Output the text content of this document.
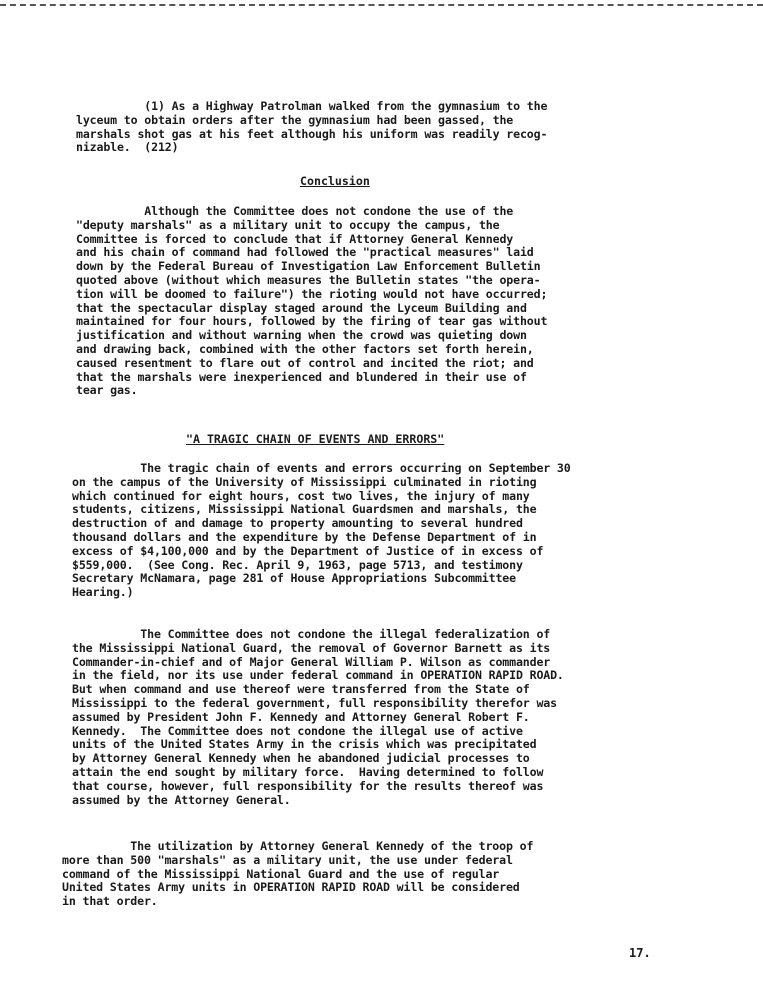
(1) As a Highway Patrolman walked from the gymnasium to the
lyceum to obtain orders after the gymnasium had been gassed, the
marshals shot gas at his feet although his uniform was readily recog-
nizable.  (212)

Conclusion

Although the Committee does not condone the use of the
"deputy marshals" as a military unit to occupy the campus, the
Committee is forced to conclude that if Attorney General Kennedy
and his chain of command had followed the "practical measures" laid
down by the Federal Bureau of Investigation Law Enforcement Bulletin
quoted above (without which measures the Bulletin states "the opera-
tion will be doomed to failure") the rioting would not have occurred;
that the spectacular display staged around the Lyceum Building and
maintained for four hours, followed by the firing of tear gas without
justification and without warning when the crowd was quieting down
and drawing back, combined with the other factors set forth herein,
caused resentment to flare out of control and incited the riot; and
that the marshals were inexperienced and blundered in their use of
tear gas.

"A TRAGIC CHAIN OF EVENTS AND ERRORS"

The tragic chain of events and errors occurring on September 30
on the campus of the University of Mississippi culminated in rioting
which continued for eight hours, cost two lives, the injury of many
students, citizens, Mississippi National Guardsmen and marshals, the
destruction of and damage to property amounting to several hundred
thousand dollars and the expenditure by the Defense Department of in
excess of $4,100,000 and by the Department of Justice of in excess of
$559,000.  (See Cong. Rec. April 9, 1963, page 5713, and testimony
Secretary McNamara, page 281 of House Appropriations Subcommittee
Hearing.)

The Committee does not condone the illegal federalization of
the Mississippi National Guard, the removal of Governor Barnett as its
Commander-in-chief and of Major General William P. Wilson as commander
in the field, nor its use under federal command in OPERATION RAPID ROAD.
But when command and use thereof were transferred from the State of
Mississippi to the federal government, full responsibility therefor was
assumed by President John F. Kennedy and Attorney General Robert F.
Kennedy.  The Committee does not condone the illegal use of active
units of the United States Army in the crisis which was precipitated
by Attorney General Kennedy when he abandoned judicial processes to
attain the end sought by military force.  Having determined to follow
that course, however, full responsibility for the results thereof was
assumed by the Attorney General.

The utilization by Attorney General Kennedy of the troop of
more than 500 "marshals" as a military unit, the use under federal
command of the Mississippi National Guard and the use of regular
United States Army units in OPERATION RAPID ROAD will be considered
in that order.

17.
